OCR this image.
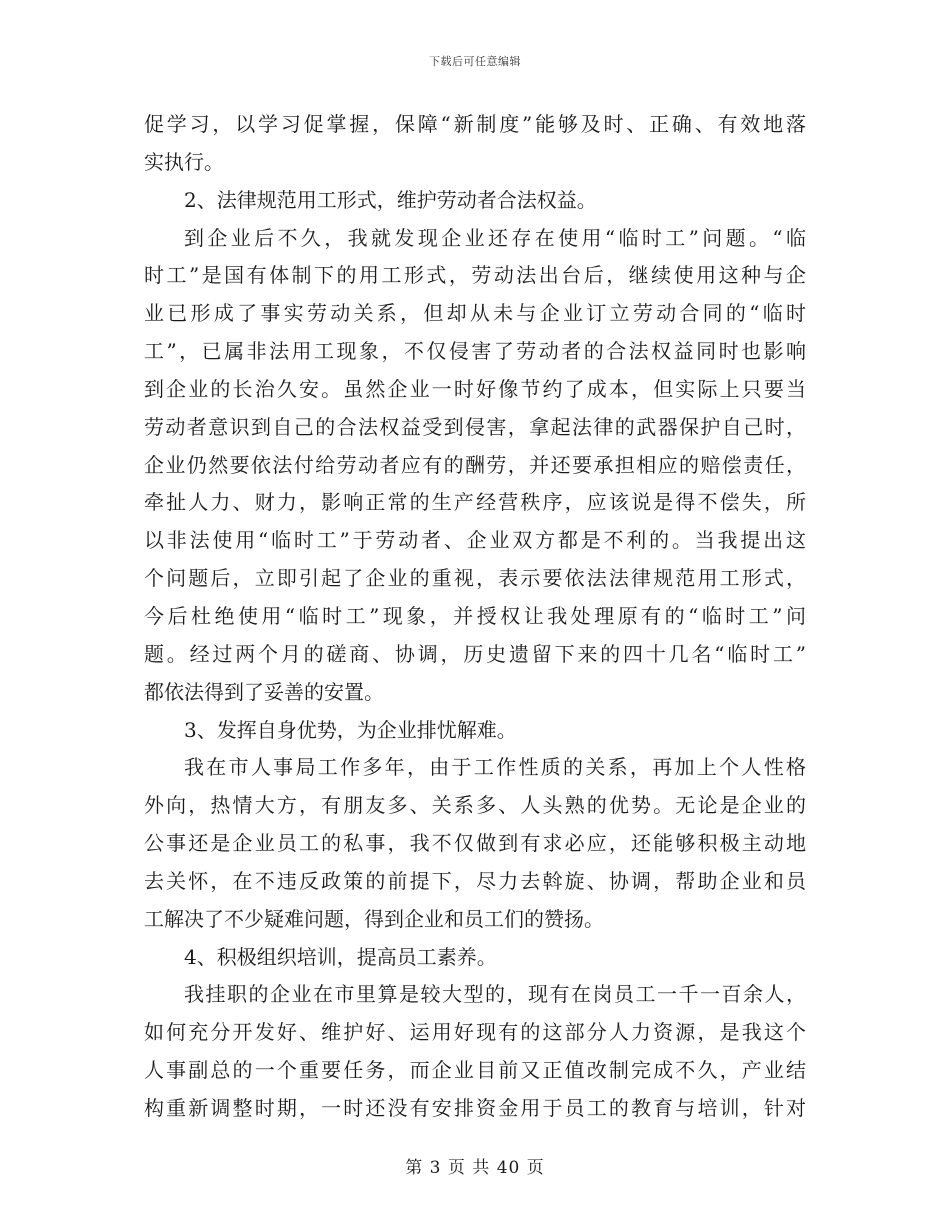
下载后可任意编辑
促学习，以学习促掌握，保障“新制度”能够及时、正确、有效地落
实执行。
2、法律规范用工形式，维护劳动者合法权益。
到企业后不久，我就发现企业还存在使用“临时工”问题。“临
时工”是国有体制下的用工形式，劳动法出台后，继续使用这种与企
业已形成了事实劳动关系，但却从未与企业订立劳动合同的“临时
工”，已属非法用工现象，不仅侵害了劳动者的合法权益同时也影响
到企业的长治久安。虽然企业一时好像节约了成本，但实际上只要当
劳动者意识到自己的合法权益受到侵害，拿起法律的武器保护自己时，
企业仍然要依法付给劳动者应有的酬劳，并还要承担相应的赔偿责任，
牵扯人力、财力，影响正常的生产经营秩序，应该说是得不偿失，所
以非法使用“临时工”于劳动者、企业双方都是不利的。当我提出这
个问题后，立即引起了企业的重视，表示要依法法律规范用工形式，
今后杜绝使用“临时工”现象，并授权让我处理原有的“临时工”问
题。经过两个月的磋商、协调，历史遗留下来的四十几名“临时工”
都依法得到了妥善的安置。
3、发挥自身优势，为企业排忧解难。
我在市人事局工作多年，由于工作性质的关系，再加上个人性格
外向，热情大方，有朋友多、关系多、人头熟的优势。无论是企业的
公事还是企业员工的私事，我不仅做到有求必应，还能够积极主动地
去关怀，在不违反政策的前提下，尽力去斡旋、协调，帮助企业和员
工解决了不少疑难问题，得到企业和员工们的赞扬。
4、积极组织培训，提高员工素养。
我挂职的企业在市里算是较大型的，现有在岗员工一千一百余人，
如何充分开发好、维护好、运用好现有的这部分人力资源，是我这个
人事副总的一个重要任务，而企业目前又正值改制完成不久，产业结
构重新调整时期，一时还没有安排资金用于员工的教育与培训，针对
第 3 页 共 40 页
